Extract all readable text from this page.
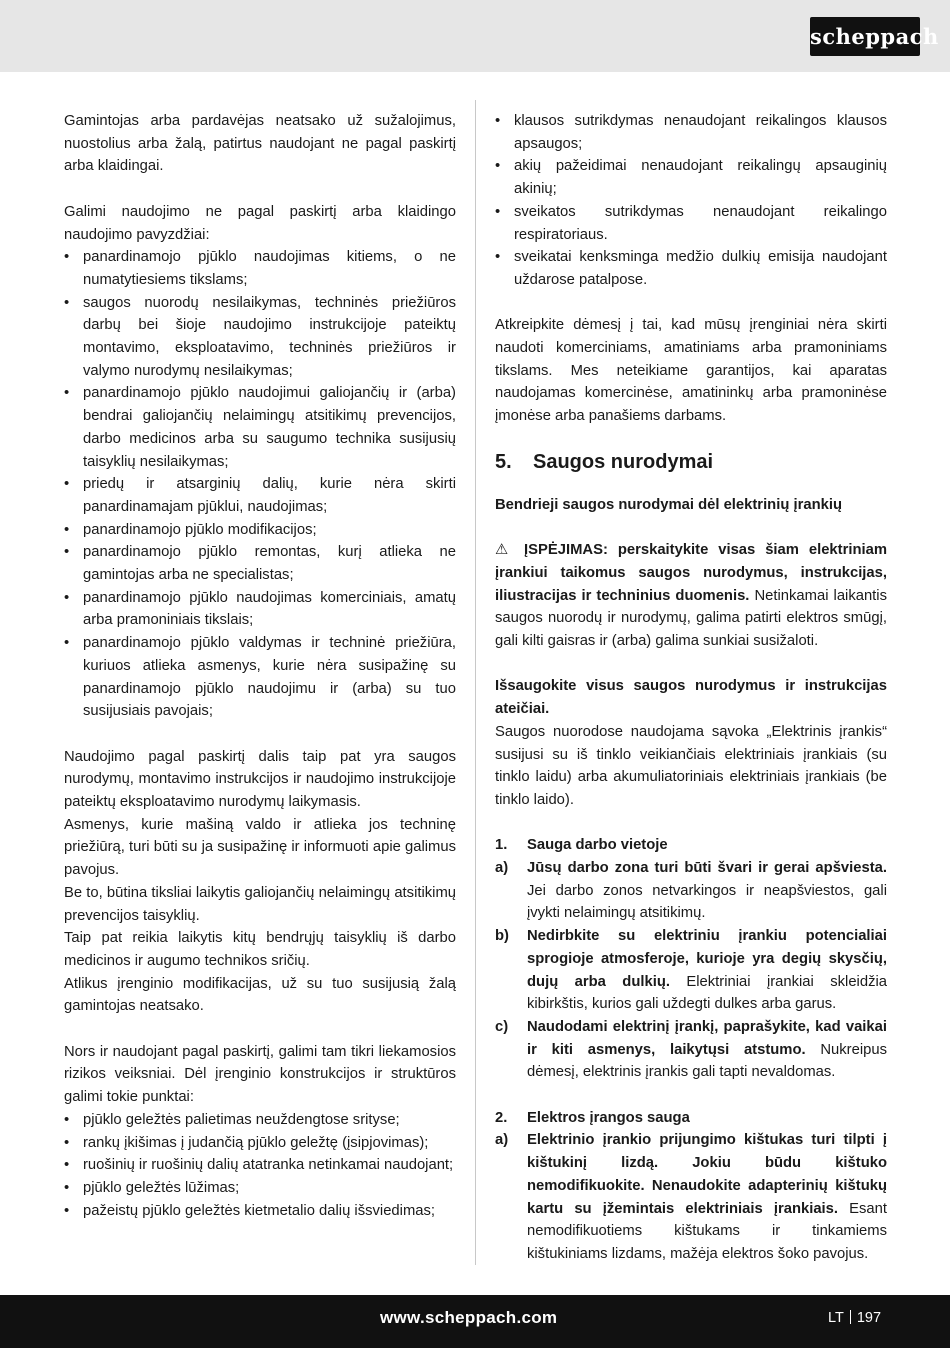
scheppach

Gamintojas arba pardavėjas neatsako už sužalojimus, nuostolius arba žalą, patirtus naudojant ne pagal paskirtį arba klaidingai.

Galimi naudojimo ne pagal paskirtį arba klaidingo naudojimo pavyzdžiai:

• panardinamojo pjūklo naudojimas kitiems, o ne numatytiesiems tikslams;
• saugos nuorodų nesilaikymas, techninės priežiūros darbų bei šioje naudojimo instrukcijoje pateiktų montavimo, eksploatavimo, techninės priežiūros ir valymo nurodymų nesilaikymas;
• panardinamojo pjūklo naudojimui galiojančių ir (arba) bendrai galiojančių nelaimingų atsitikimų prevencijos, darbo medicinos arba su saugumo technika susijusių taisyklių nesilaikymas;
• priedų ir atsarginių dalių, kurie nėra skirti panardinamajam pjūklui, naudojimas;
• panardinamojo pjūklo modifikacijos;
• panardinamojo pjūklo remontas, kurį atlieka ne gamintojas arba ne specialistas;
• panardinamojo pjūklo naudojimas komerciniais, amatų arba pramoniniais tikslais;
• panardinamojo pjūklo valdymas ir techninė priežiūra, kuriuos atlieka asmenys, kurie nėra susipažinę su panardinamojo pjūklo naudojimu ir (arba) su tuo susijusiais pavojais;

Naudojimo pagal paskirtį dalis taip pat yra saugos nurodymų, montavimo instrukcijos ir naudojimo instrukcijoje pateiktų eksploatavimo nurodymų laikymasis.

Asmenys, kurie mašiną valdo ir atlieka jos techninę priežiūrą, turi būti su ja susipažinę ir informuoti apie galimus pavojus.

Be to, būtina tiksliai laikytis galiojančių nelaimingų atsitikimų prevencijos taisyklių.

Taip pat reikia laikytis kitų bendrųjų taisyklių iš darbo medicinos ir augumo technikos sričių.

Atlikus įrenginio modifikacijas, už su tuo susijusią žalą gamintojas neatsako.

Nors ir naudojant pagal paskirtį, galimi tam tikri liekamosios rizikos veiksniai. Dėl įrenginio konstrukcijos ir struktūros galimi tokie punktai:

• pjūklo geležtės palietimas neuždengtose srityse;
• rankų įkišimas į judančią pjūklo geležtę (įsipjovimas);
• ruošinių ir ruošinių dalių atatranka netinkamai naudojant;
• pjūklo geležtės lūžimas;
• pažeistų pjūklo geležtės kietmetalio dalių išsviedimas;
• klausos sutrikdymas nenaudojant reikalingos klausos apsaugos;
• akių pažeidimai nenaudojant reikalingų apsauginių akinių;
• sveikatos sutrikdymas nenaudojant reikalingo respiratoriaus.
• sveikatai kenksminga medžio dulkių emisija naudojant uždarose patalpose.

Atkreipkite dėmesį į tai, kad mūsų įrenginiai nėra skirti naudoti komerciniams, amatiniams arba pramoniniams tikslams. Mes neteikiame garantijos, kai aparatas naudojamas komercinėse, amatininkų arba pramoninėse įmonėse arba panašiems darbams.

5.	Saugos nurodymai
Bendrieji saugos nurodymai dėl elektrinių įrankių

⚠ ĮSPĖJIMAS: perskaitykite visas šiam elektriniam įrankiui taikomus saugos nurodymus, instrukcijas, iliustracijas ir techninius duomenis. Netinkamai laikantis saugos nuorodų ir nurodymų, galima patirti elektros smūgį, gali kilti gaisras ir (arba) galima sunkiai susižaloti.

Išsaugokite visus saugos nurodymus ir instrukcijas ateičiai.

Saugos nuorodose naudojama sąvoka „Elektrinis įrankis“ susijusi su iš tinklo veikiančiais elektriniais įrankiais (su tinklo laidu) arba akumuliatoriniais elektriniais įrankiais (be tinklo laido).

1.	Sauga darbo vietoje
a)	Jūsų darbo zona turi būti švari ir gerai apšviesta. Jei darbo zonos netvarkingos ir neapšviestos, gali įvykti nelaimingų atsitikimų.
b)	Nedirbkite su elektriniu įrankiu potencialiai sprogioje atmosferoje, kurioje yra degių skysčių, dujų arba dulkių. Elektriniai įrankiai skleidžia kibirkštis, kurios gali uždegti dulkes arba garus.
c)	Naudodami elektrinį įrankį, paprašykite, kad vaikai ir kiti asmenys, laikytųsi atstumo. Nukreipus dėmesį, elektrinis įrankis gali tapti nevaldomas.
2.	Elektros įrangos sauga
a)	Elektrinio įrankio prijungimo kištukas turi tilpti į kištukinį lizdą. Jokiu būdu kištuko nemodifikuokite. Nenaudokite adapterinių kištukų kartu su įžemintais elektriniais įrankiais. Esant nemodifikuotiems kištukams ir tinkamiems kištukiniams lizdams, mažėja elektros šoko pavojus.
www.scheppach.com	LT 197
